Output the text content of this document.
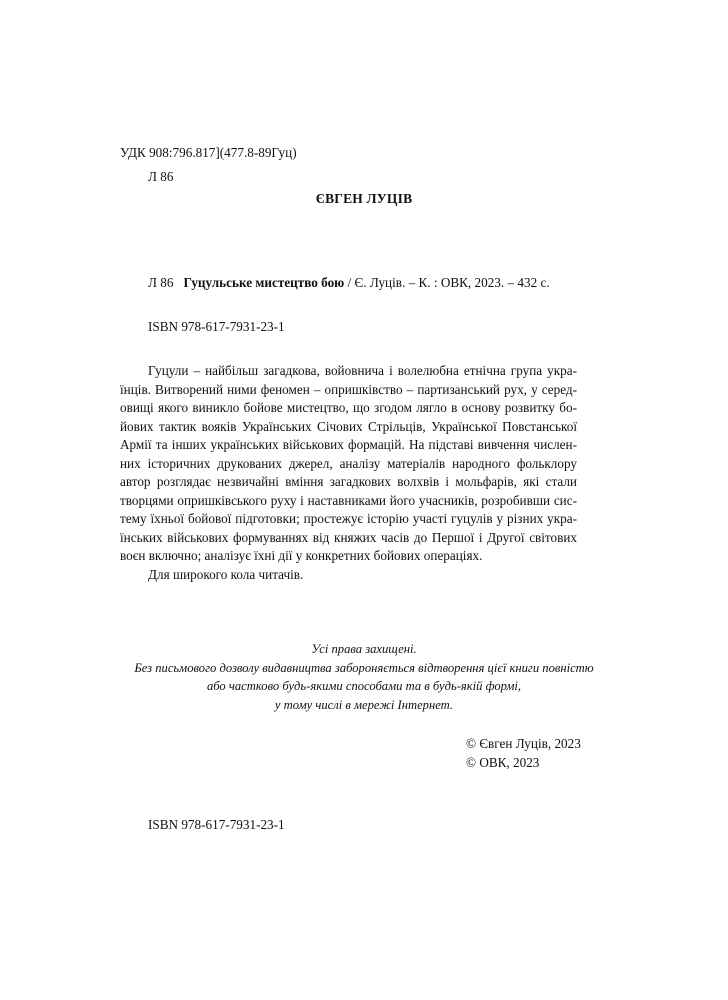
УДК 908:796.817](477.8-89Гуц)
Л 86
ЄВГЕН ЛУЦІВ
Л 86 Гуцульське мистецтво бою / Є. Луців. – К. : ОВК, 2023. – 432 с.
ISBN 978-617-7931-23-1
Гуцули – найбільш загадкова, войовнича і волелюбна етнічна група укра-
їнців. Витворений ними феномен – опришківство – партизанський рух, у серед-
овищі якого виникло бойове мистецтво, що згодом лягло в основу розвитку бо-
йових тактик вояків Українських Січових Стрільців, Української Повстанської
Армії та інших українських військових формацій. На підставі вивчення числен-
них історичних друкованих джерел, аналізу матеріалів народного фольклору
автор розглядає незвичайні вміння загадкових волхвів і мольфарів, які стали
творцями опришківського руху і наставниками його учасників, розробивши сис-
тему їхньої бойової підготовки; простежує історію участі гуцулів у різних укра-
їнських військових формуваннях від княжих часів до Першої і Другої світових
воєн включно; аналізує їхні дії у конкретних бойових операціях.
Для широкого кола читачів.
Усі права захищені.
Без письмового дозволу видавництва забороняється відтворення цієї книги повністю
або частково будь-якими способами та в будь-якій формі,
у тому числі в мережі Інтернет.
© Євген Луців, 2023
© ОВК, 2023
ISBN 978-617-7931-23-1
